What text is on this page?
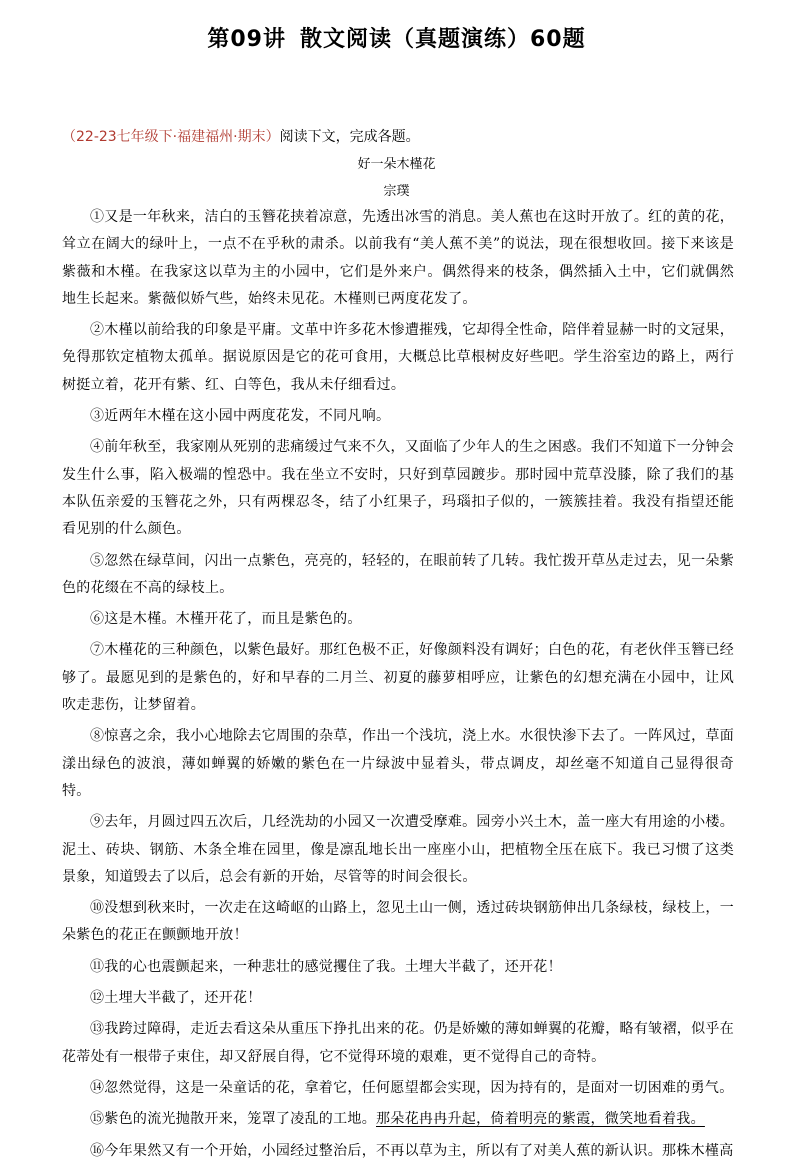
第09讲 散文阅读（真题演练）60题
（22-23七年级下·福建福州·期末）阅读下文，完成各题。
好一朵木槿花
宗璞

①又是一年秋来，洁白的玉簪花挟着凉意，先透出冰雪的消息。美人蕉也在这时开放了。红的黄的花，耸立在阔大的绿叶上，一点不在乎秋的肃杀。以前我有“美人蕉不美”的说法，现在很想收回。接下来该是紫薇和木槿。在我家这以草为主的小园中，它们是外来户。偶然得来的枝条，偶然插入土中，它们就偶然地生长起来。紫薇似娇气些，始终未见花。木槿则已两度花发了。

②木槿以前给我的印象是平庸。文革中许多花木惨遭摧残，它却得全性命，陪伴着显赫一时的文冠果，免得那钦定植物太孤单。据说原因是它的花可食用，大概总比草根树皮好些吧。学生浴室边的路上，两行树挺立着，花开有紫、红、白等色，我从未仔细看过。

③近两年木槿在这小园中两度花发，不同凡响。

④前年秋至，我家刚从死别的悲痛缓过气来不久，又面临了少年人的生之困惑。我们不知道下一分钟会发生什么事，陷入极端的惶恐中。我在坐立不安时，只好到草园踱步。那时园中荒草没膝，除了我们的基本队伍亲爱的玉簪花之外，只有两棵忍冬，结了小红果子，玛瑙扣子似的，一簇簇挂着。我没有指望还能看见别的什么颜色。

⑤忽然在绿草间，闪出一点紫色，亮亮的，轻轻的，在眼前转了几转。我忙拨开草丛走过去，见一朵紫色的花缀在不高的绿枝上。

⑥这是木槿。木槿开花了，而且是紫色的。

⑦木槿花的三种颜色，以紫色最好。那红色极不正，好像颜料没有调好；白色的花，有老伙伴玉簪已经够了。最愿见到的是紫色的，好和早春的二月兰、初夏的藤萝相呼应，让紫色的幻想充满在小园中，让风吹走悲伤，让梦留着。

⑧惊喜之余，我小心地除去它周围的杂草，作出一个浅坑，浇上水。水很快渗下去了。一阵风过，草面漾出绿色的波浪，薄如蝉翼的娇嫩的紫色在一片绿波中显着头，带点调皮，却丝毫不知道自己显得很奇特。

⑨去年，月圆过四五次后，几经洗劫的小园又一次遭受摩难。园旁小兴土木，盖一座大有用途的小楼。泥土、砖块、钢筋、木条全堆在园里，像是凛乱地长出一座座小山，把植物全压在底下。我已习惯了这类景象，知道毁去了以后，总会有新的开始，尽管等的时间会很长。

⑩没想到秋来时，一次走在这崎岖的山路上，忽见土山一侧，透过砖块钢筋伸出几条绿枝，绿枝上，一朵紫色的花正在颤颤地开放！

⑪我的心也震颤起来，一种悲壮的感觉攫住了我。土埋大半截了，还开花！

⑫土埋大半截了，还开花！

⑬我跨过障碍，走近去看这朵从重压下挣扎出来的花。仍是娇嫩的薄如蝉翼的花瓣，略有皱褶，似乎在花蒂处有一根带子束住，却又舒展自得，它不觉得环境的艰难，更不觉得自己的奇特。

⑭忽然觉得，这是一朵童话的花，拿着它，任何愿望都会实现，因为持有的，是面对一切困难的勇气。

⑮紫色的流光抛散开来，笼罩了凌乱的工地。那朵花冉冉升起，倚着明亮的紫霞，微笑地看着我。

⑯今年果然又有一个开始，小园经过整治后，不再以草为主，所以有了对美人蕉的新认识。那株木槿高
